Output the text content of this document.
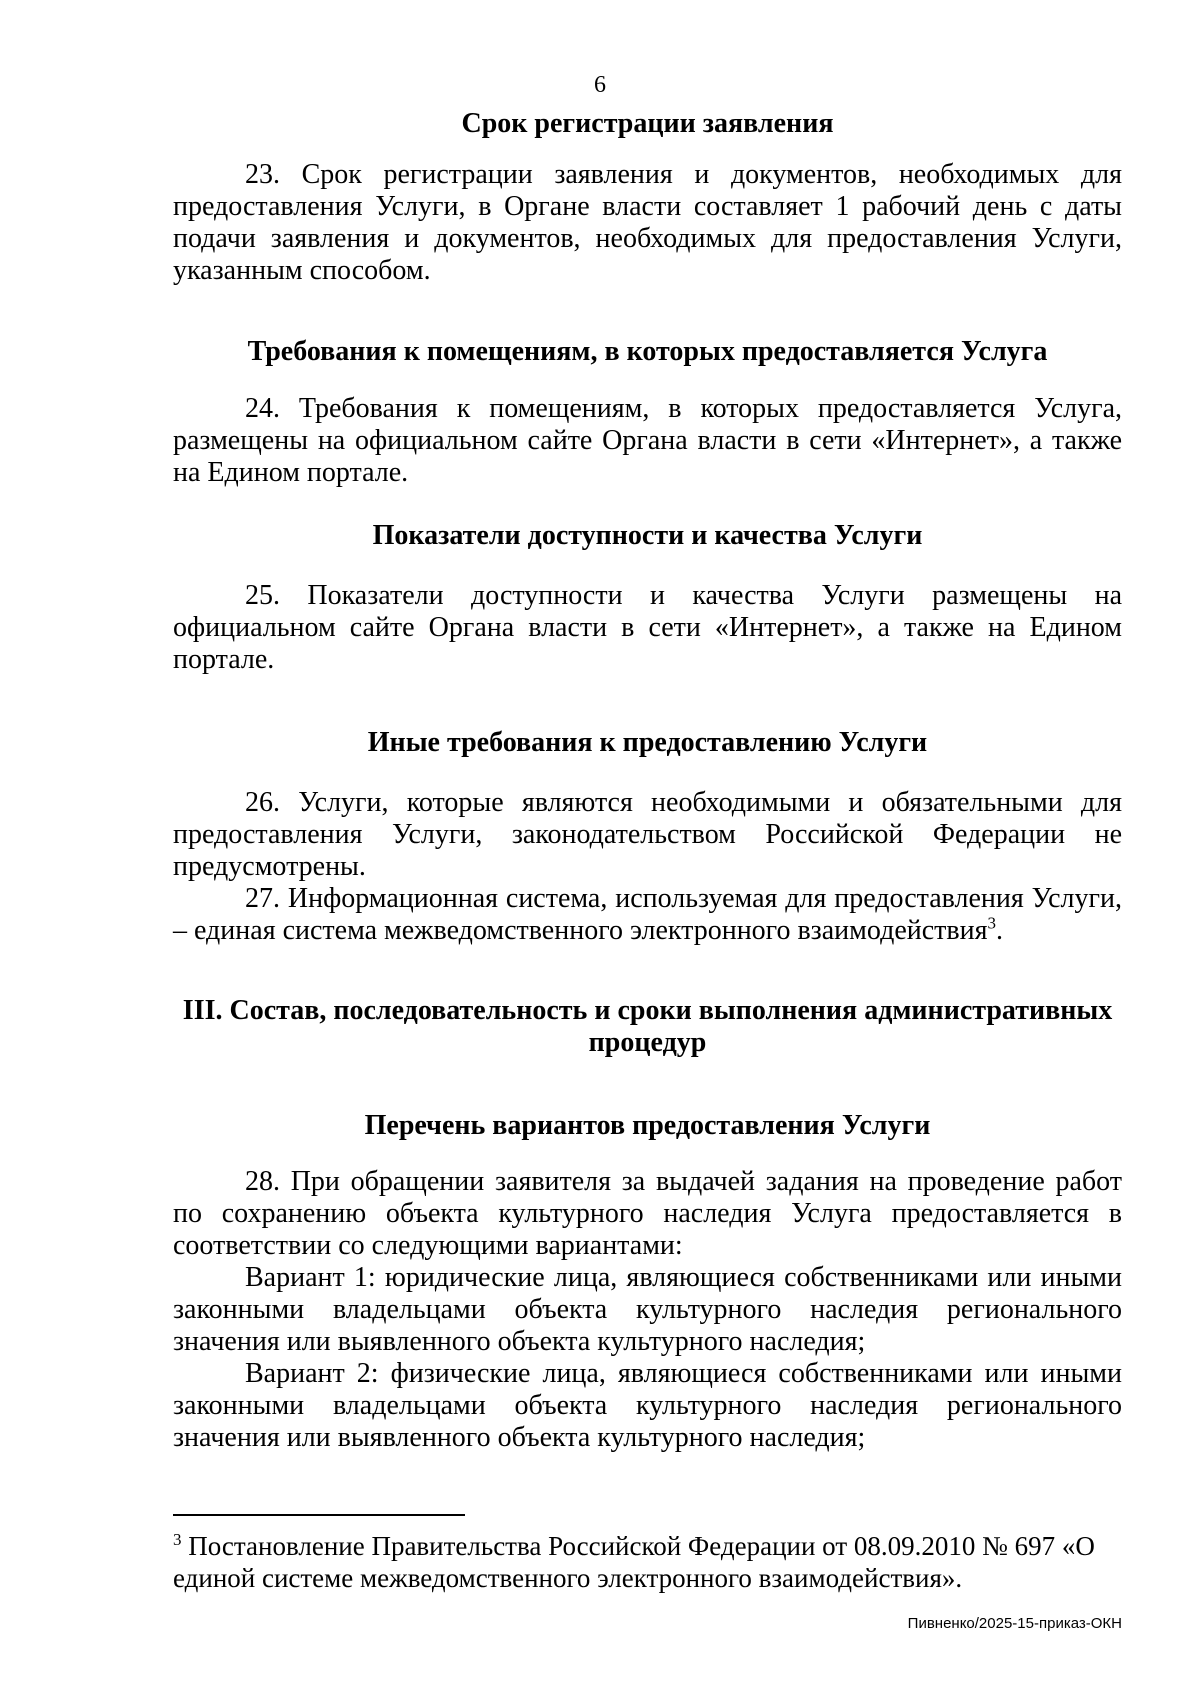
6
Срок регистрации заявления

23. Срок регистрации заявления и документов, необходимых для предоставления Услуги, в Органе власти составляет 1 рабочий день с даты подачи заявления и документов, необходимых для предоставления Услуги, указанным способом.

Требования к помещениям, в которых предоставляется Услуга

24. Требования к помещениям, в которых предоставляется Услуга, размещены на официальном сайте Органа власти в сети «Интернет», а также на Едином портале.

Показатели доступности и качества Услуги

25. Показатели доступности и качества Услуги размещены на официальном сайте Органа власти в сети «Интернет», а также на Едином портале.

Иные требования к предоставлению Услуги

26. Услуги, которые являются необходимыми и обязательными для предоставления Услуги, законодательством Российской Федерации не предусмотрены.

27. Информационная система, используемая для предоставления Услуги, – единая система межведомственного электронного взаимодействия$^3$.

III. Состав, последовательность и сроки выполнения административных
процедур
Перечень вариантов предоставления Услуги

28. При обращении заявителя за выдачей задания на проведение работ по сохранению объекта культурного наследия Услуга предоставляется в соответствии со следующими вариантами:

Вариант 1: юридические лица, являющиеся собственниками или иными законными владельцами объекта культурного наследия регионального значения или выявленного объекта культурного наследия;

Вариант 2: физические лица, являющиеся собственниками или иными законными владельцами объекта культурного наследия регионального значения или выявленного объекта культурного наследия;

$^3$ Постановление Правительства Российской Федерации от 08.09.2010 № 697 «О единой системе межведомственного электронного взаимодействия».
Пивненко/2025-15-приказ-ОКН
